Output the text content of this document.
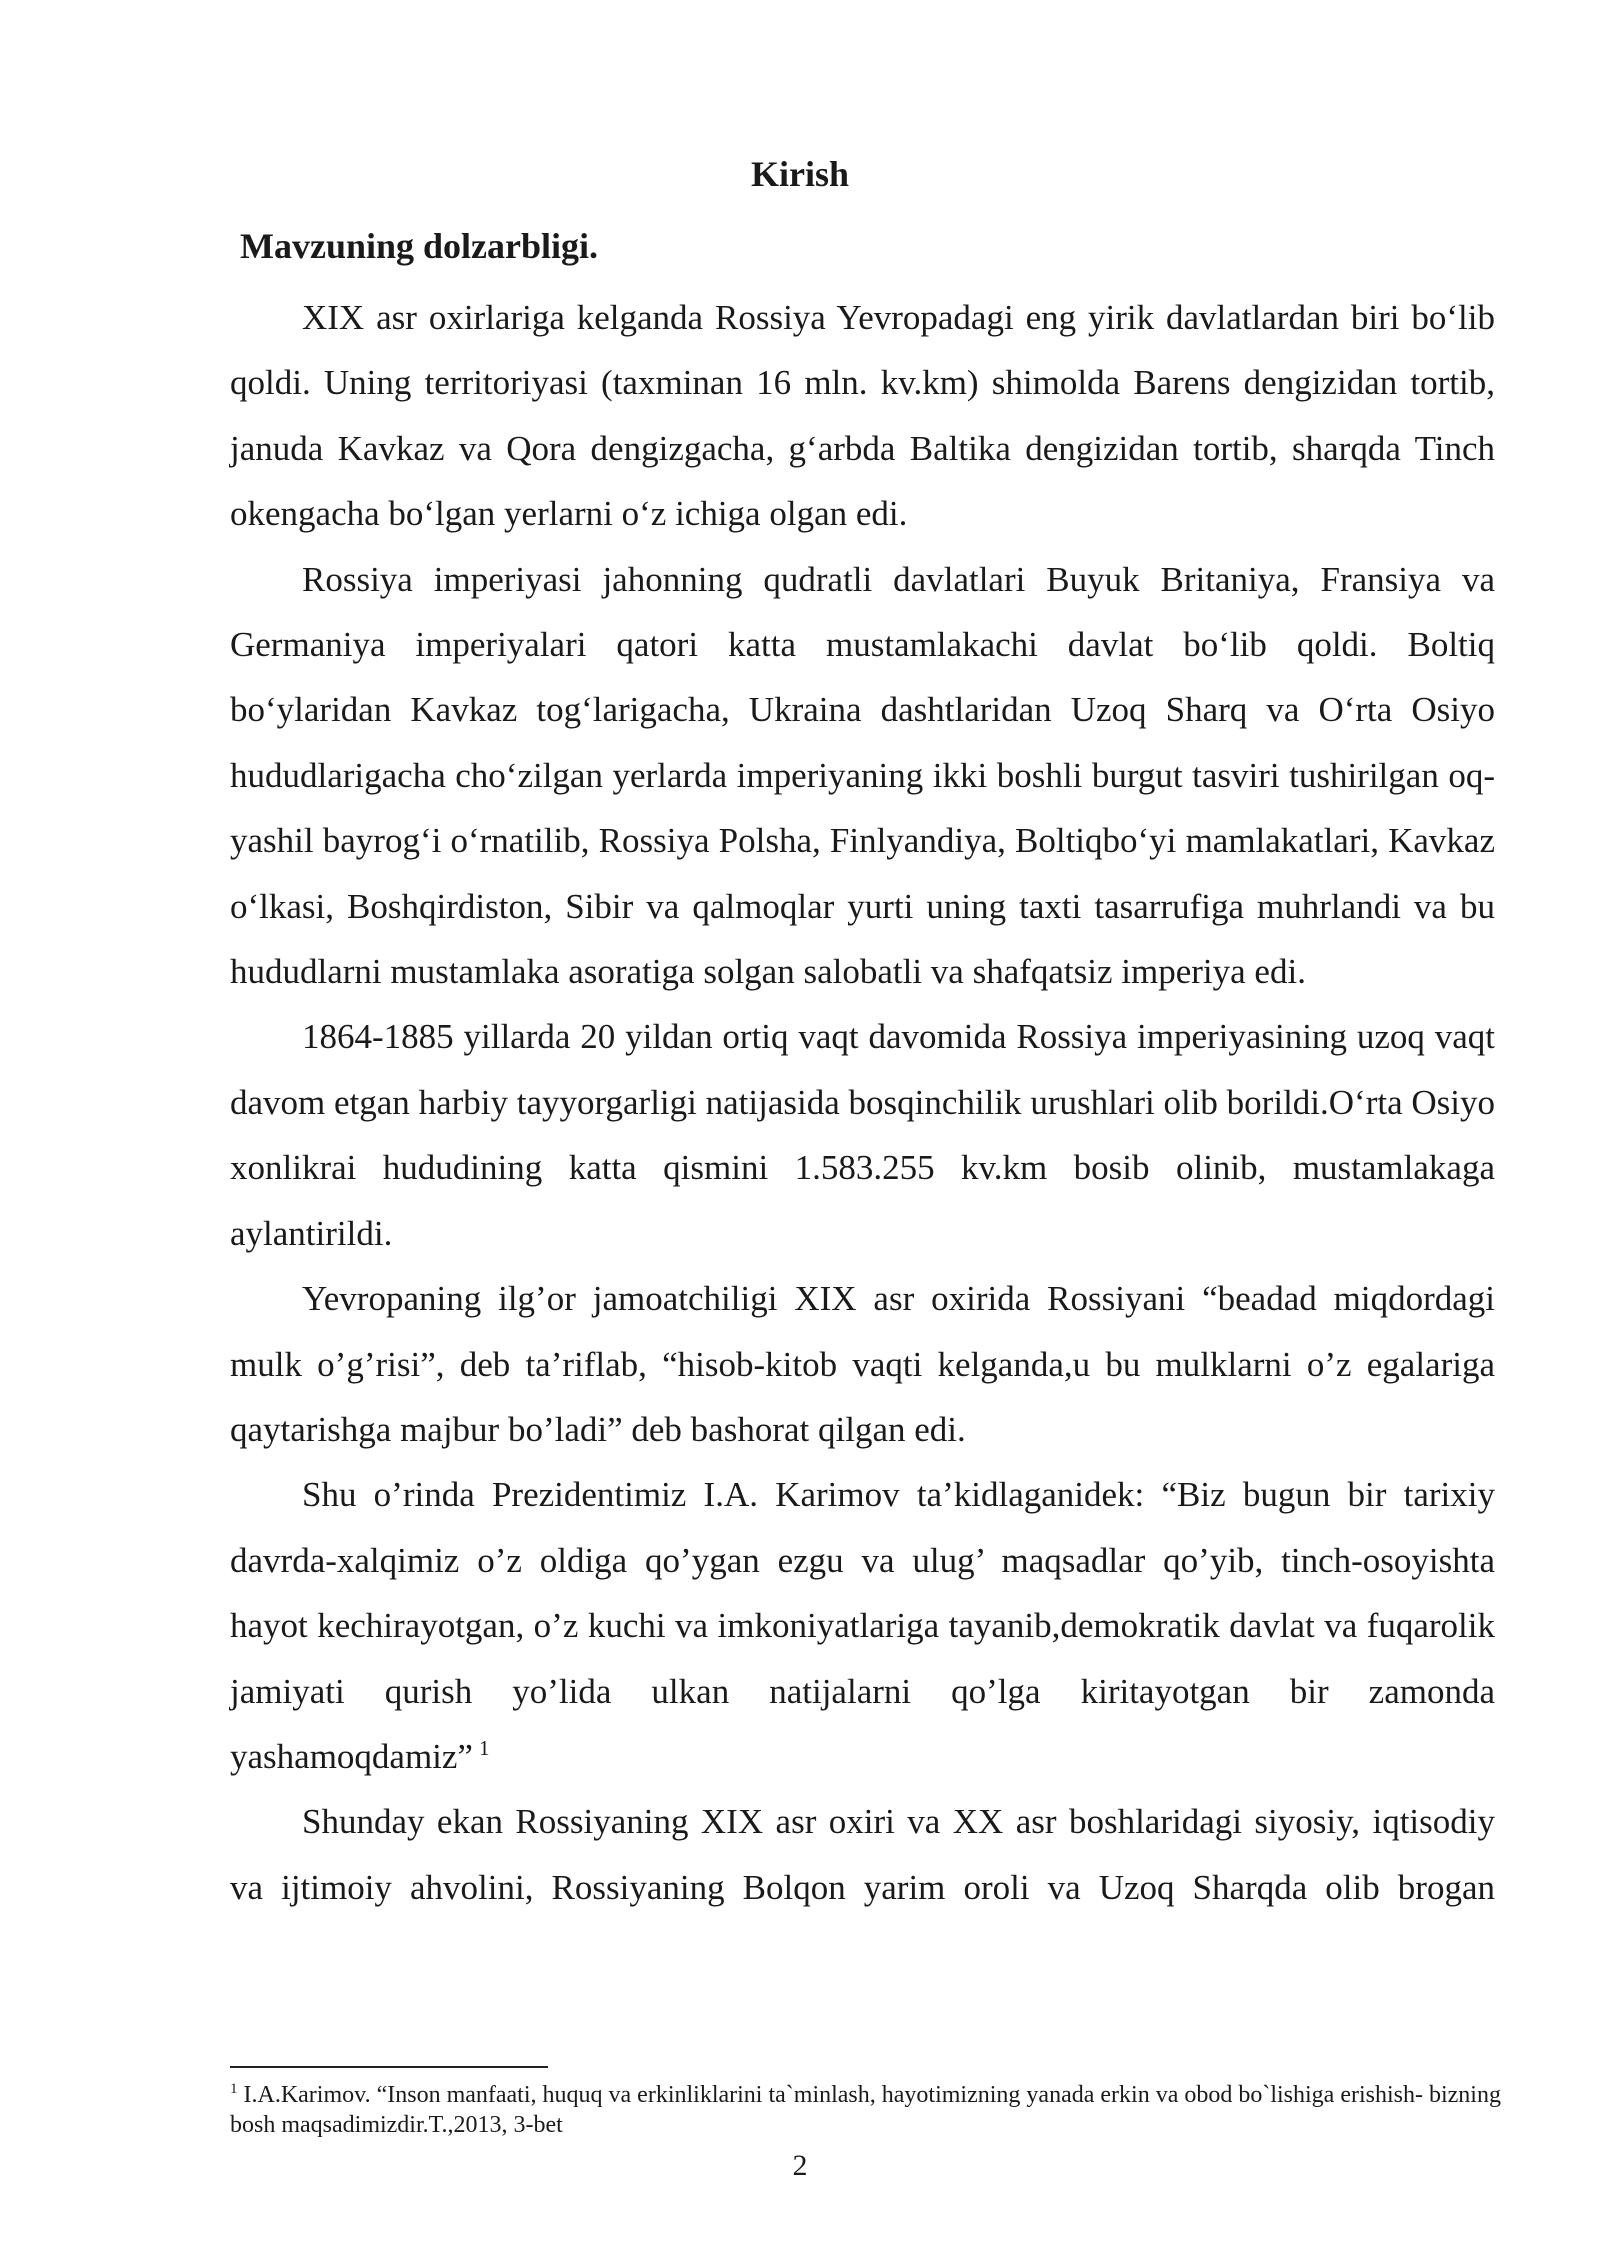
Kirish
Mavzuning dolzarbligi.

XIX asr oxirlariga kelganda Rossiya Yevropadagi eng yirik davlatlardan biri bo‘lib qoldi. Uning territoriyasi (taxminan 16 mln. kv.km) shimolda Barens dengizidan tortib, januda Kavkaz va Qora dengizgacha, g‘arbda Baltika dengizidan tortib, sharqda Tinch okengacha bo‘lgan yerlarni o‘z ichiga olgan edi.

Rossiya imperiyasi jahonning qudratli davlatlari Buyuk Britaniya, Fransiya va Germaniya imperiyalari qatori katta mustamlakachi davlat bo‘lib qoldi. Boltiq bo‘ylaridan Kavkaz tog‘larigacha, Ukraina dashtlaridan Uzoq Sharq va O‘rta Osiyo hududlarigacha cho‘zilgan yerlarda imperiyaning ikki boshli burgut tasviri tushirilgan oq-yashil bayrog‘i o‘rnatilib, Rossiya Polsha, Finlyandiya, Boltiqbo‘yi mamlakatlari, Kavkaz o‘lkasi, Boshqirdiston, Sibir va qalmoqlar yurti uning taxti tasarrufiga muhrlandi va bu hududlarni mustamlaka asoratiga solgan salobatli va shafqatsiz imperiya edi.

1864-1885 yillarda 20 yildan ortiq vaqt davomida Rossiya imperiyasining uzoq vaqt davom etgan harbiy tayyorgarligi natijasida bosqinchilik urushlari olib borildi.O‘rta Osiyo xonlikrai hududining katta qismini 1.583.255 kv.km bosib olinib, mustamlakaga aylantirildi.

Yevropaning ilg’or jamoatchiligi XIX asr oxirida Rossiyani “beadad miqdordagi mulk o’g’risi”, deb ta’riflab, “hisob-kitob vaqti kelganda,u bu mulklarni o’z egalariga qaytarishga majbur bo’ladi” deb bashorat qilgan edi.

Shu o’rinda Prezidentimiz I.A. Karimov ta’kidlaganidek: “Biz bugun bir tarixiy davrda-xalqimiz o’z oldiga qo’ygan ezgu va ulug’ maqsadlar qo’yib, tinch-osoyishta hayot kechirayotgan, o’z kuchi va imkoniyatlariga tayanib,demokratik davlat va fuqarolik jamiyati qurish yo’lida ulkan natijalarni qo’lga kiritayotgan bir zamonda yashamoqdamiz” $^1$

Shunday ekan Rossiyaning XIX asr oxiri va XX asr boshlaridagi siyosiy, iqtisodiy va ijtimoiy ahvolini, Rossiyaning Bolqon yarim oroli va Uzoq Sharqda olib brogan

$^1$ I.A.Karimov. “Inson manfaati, huquq va erkinliklarini ta`minlash, hayotimizning yanada erkin va obod bo`lishiga erishish- bizning bosh maqsadimizdir.T.,2013, 3-bet
2
